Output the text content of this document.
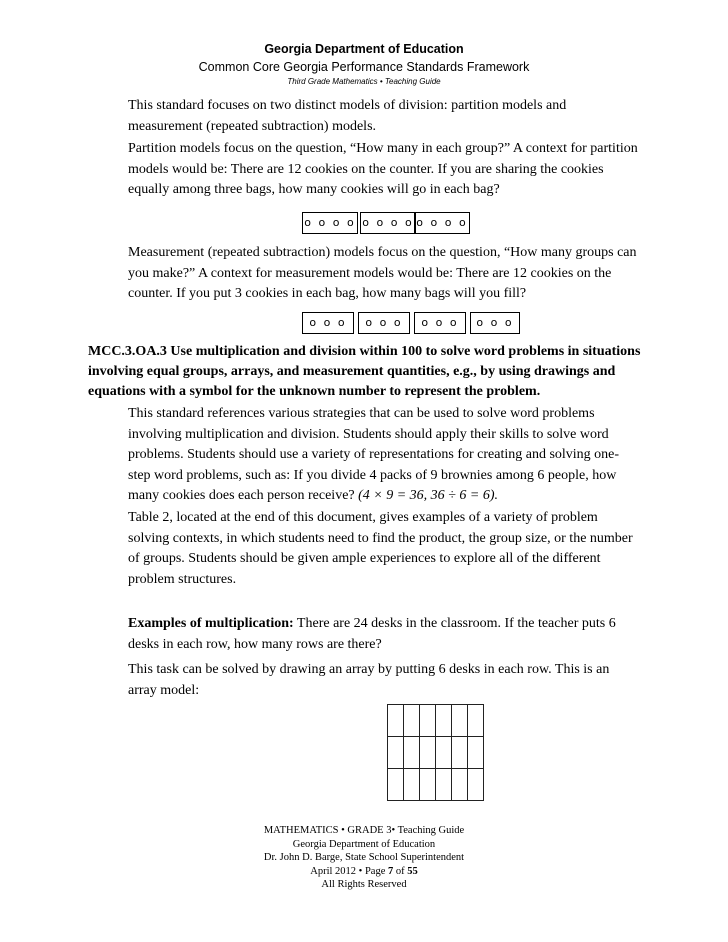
Georgia Department of Education
Common Core Georgia Performance Standards Framework
Third Grade Mathematics • Teaching Guide
This standard focuses on two distinct models of division: partition models and measurement (repeated subtraction) models.
Partition models focus on the question, “How many in each group?” A context for partition models would be: There are 12 cookies on the counter. If you are sharing the cookies equally among three bags, how many cookies will go in each bag?
o o o o o o o o o o o o
Measurement (repeated subtraction) models focus on the question, “How many groups can you make?” A context for measurement models would be: There are 12 cookies on the counter. If you put 3 cookies in each bag, how many bags will you fill?
o o o	o o o	o o o	o o o
MCC.3.OA.3 Use multiplication and division within 100 to solve word problems in situations involving equal groups, arrays, and measurement quantities, e.g., by using drawings and equations with a symbol for the unknown number to represent the problem.
This standard references various strategies that can be used to solve word problems involving multiplication and division. Students should apply their skills to solve word problems. Students should use a variety of representations for creating and solving one-step word problems, such as: If you divide 4 packs of 9 brownies among 6 people, how many cookies does each person receive? (4 × 9 = 36, 36 ÷ 6 = 6).
Table 2, located at the end of this document, gives examples of a variety of problem solving contexts, in which students need to find the product, the group size, or the number of groups. Students should be given ample experiences to explore all of the different problem structures.
Examples of multiplication: There are 24 desks in the classroom. If the teacher puts 6 desks in each row, how many rows are there?
This task can be solved by drawing an array by putting 6 desks in each row. This is an array model:
MATHEMATICS • GRADE 3• Teaching Guide
Georgia Department of Education
Dr. John D. Barge, State School Superintendent
April 2012 • Page 7 of 55
All Rights Reserved
